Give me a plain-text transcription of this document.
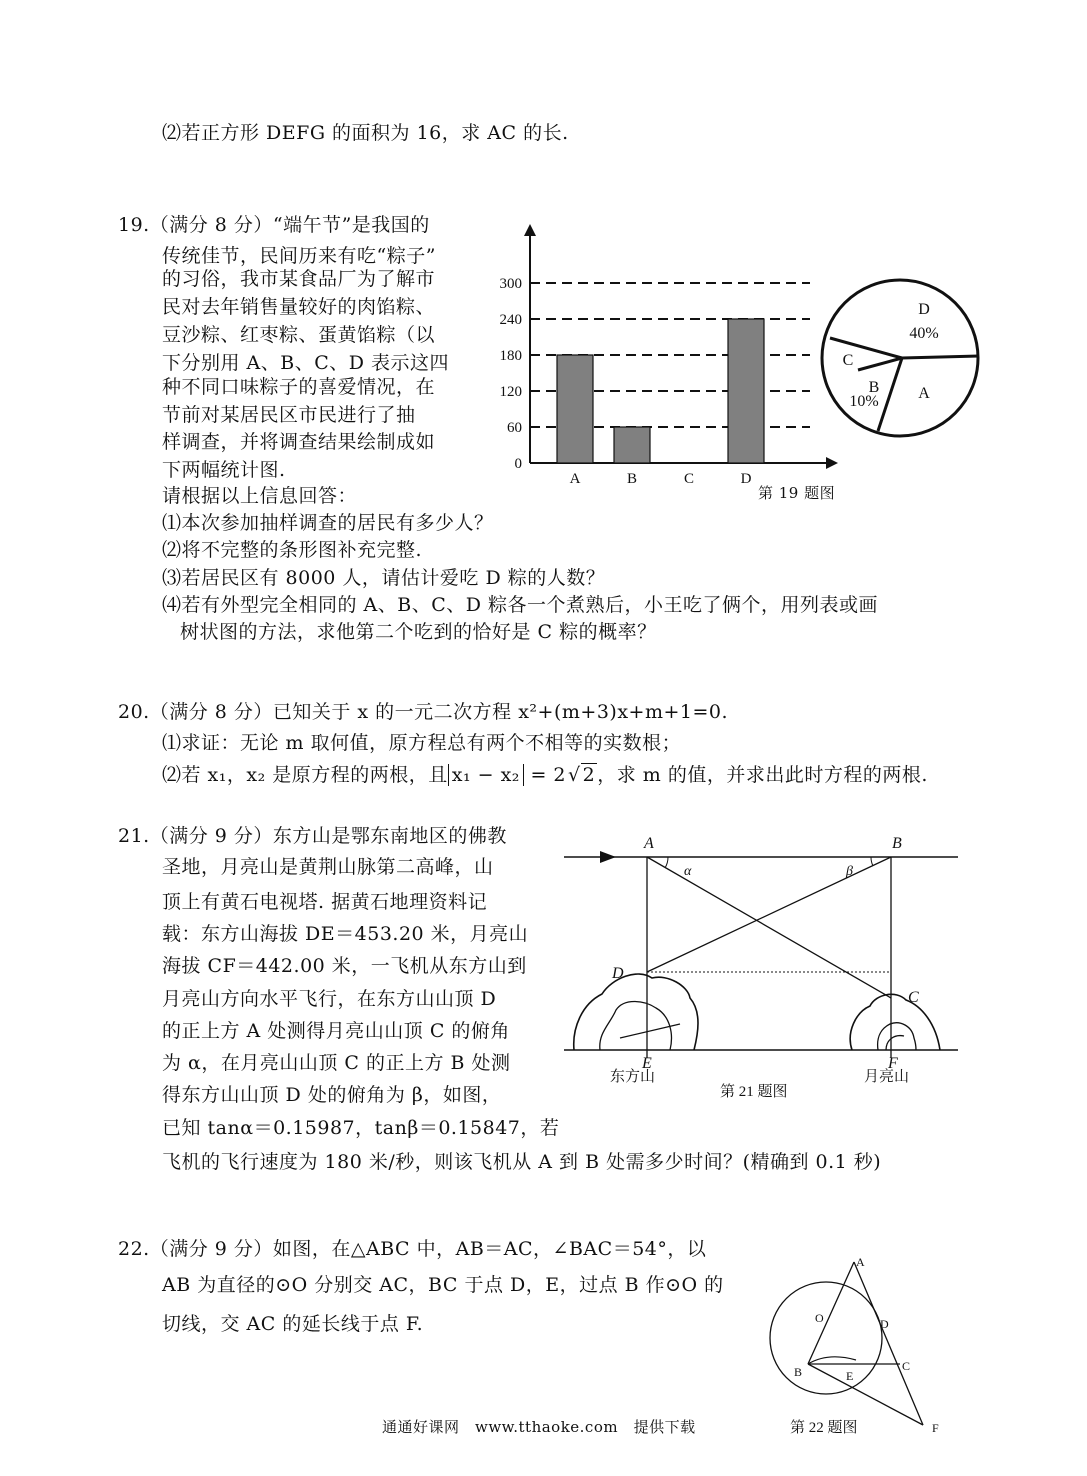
⑵若正方形 DEFG 的面积为 16，求 AC 的长.
19.（满分 8 分）“端午节”是我国的
传统佳节，民间历来有吃“粽子”
的习俗，我市某食品厂为了解市
民对去年销售量较好的肉馅粽、
豆沙粽、红枣粽、蛋黄馅粽（以
下分别用 A、B、C、D 表示这四
种不同口味粽子的喜爱情况，在
节前对某居民区市民进行了抽
样调查，并将调查结果绘制成如
下两幅统计图.
请根据以上信息回答：
⑴本次参加抽样调查的居民有多少人？
⑵将不完整的条形图补充完整.
⑶若居民区有 8000 人，请估计爱吃 D 粽的人数？
⑷若有外型完全相同的 A、B、C、D 粽各一个煮熟后，小王吃了俩个，用列表或画
树状图的方法，求他第二个吃到的恰好是 C 粽的概率？
0
60
120
180
240
300
A	B	C	D
第 19 题图
D
40%
A
B
10%
C
20.（满分 8 分）已知关于 x 的一元二次方程 x²+(m+3)x+m+1=0.
⑴求证：无论 m 取何值，原方程总有两个不相等的实数根；
⑵若 x₁，x₂ 是原方程的两根，且 x₁ − x₂ = 2 √ 2 ，求 m 的值，并求出此时方程的两根.
21.（满分 9 分）东方山是鄂东南地区的佛教
圣地，月亮山是黄荆山脉第二高峰，山
顶上有黄石电视塔. 据黄石地理资料记
载：东方山海拔 DE＝453.20 米，月亮山
海拔 CF＝442.00 米，一飞机从东方山到
月亮山方向水平飞行，在东方山山顶 D
的正上方 A 处测得月亮山山顶 C 的俯角
为 α，在月亮山山顶 C 的正上方 B 处测
得东方山山顶 D 处的俯角为 β，如图，
已知 tanα＝0.15987，tanβ＝0.15847，若
飞机的飞行速度为 180 米/秒，则该飞机从 A 到 B 处需多少时间？(精确到 0.1 秒)
A	B
C
D
E	F
α	β
东方山
第 21 题图
月亮山
22.（满分 9 分）如图，在△ABC 中，AB＝AC，∠BAC＝54°，以
AB 为直径的⊙O 分别交 AC，BC 于点 D，E，过点 B 作⊙O 的
切线，交 AC 的延长线于点 F.
A
B	C
D
E
F
O
第 22 题图
通通好课网　www.tthaoke.com　提供下载
